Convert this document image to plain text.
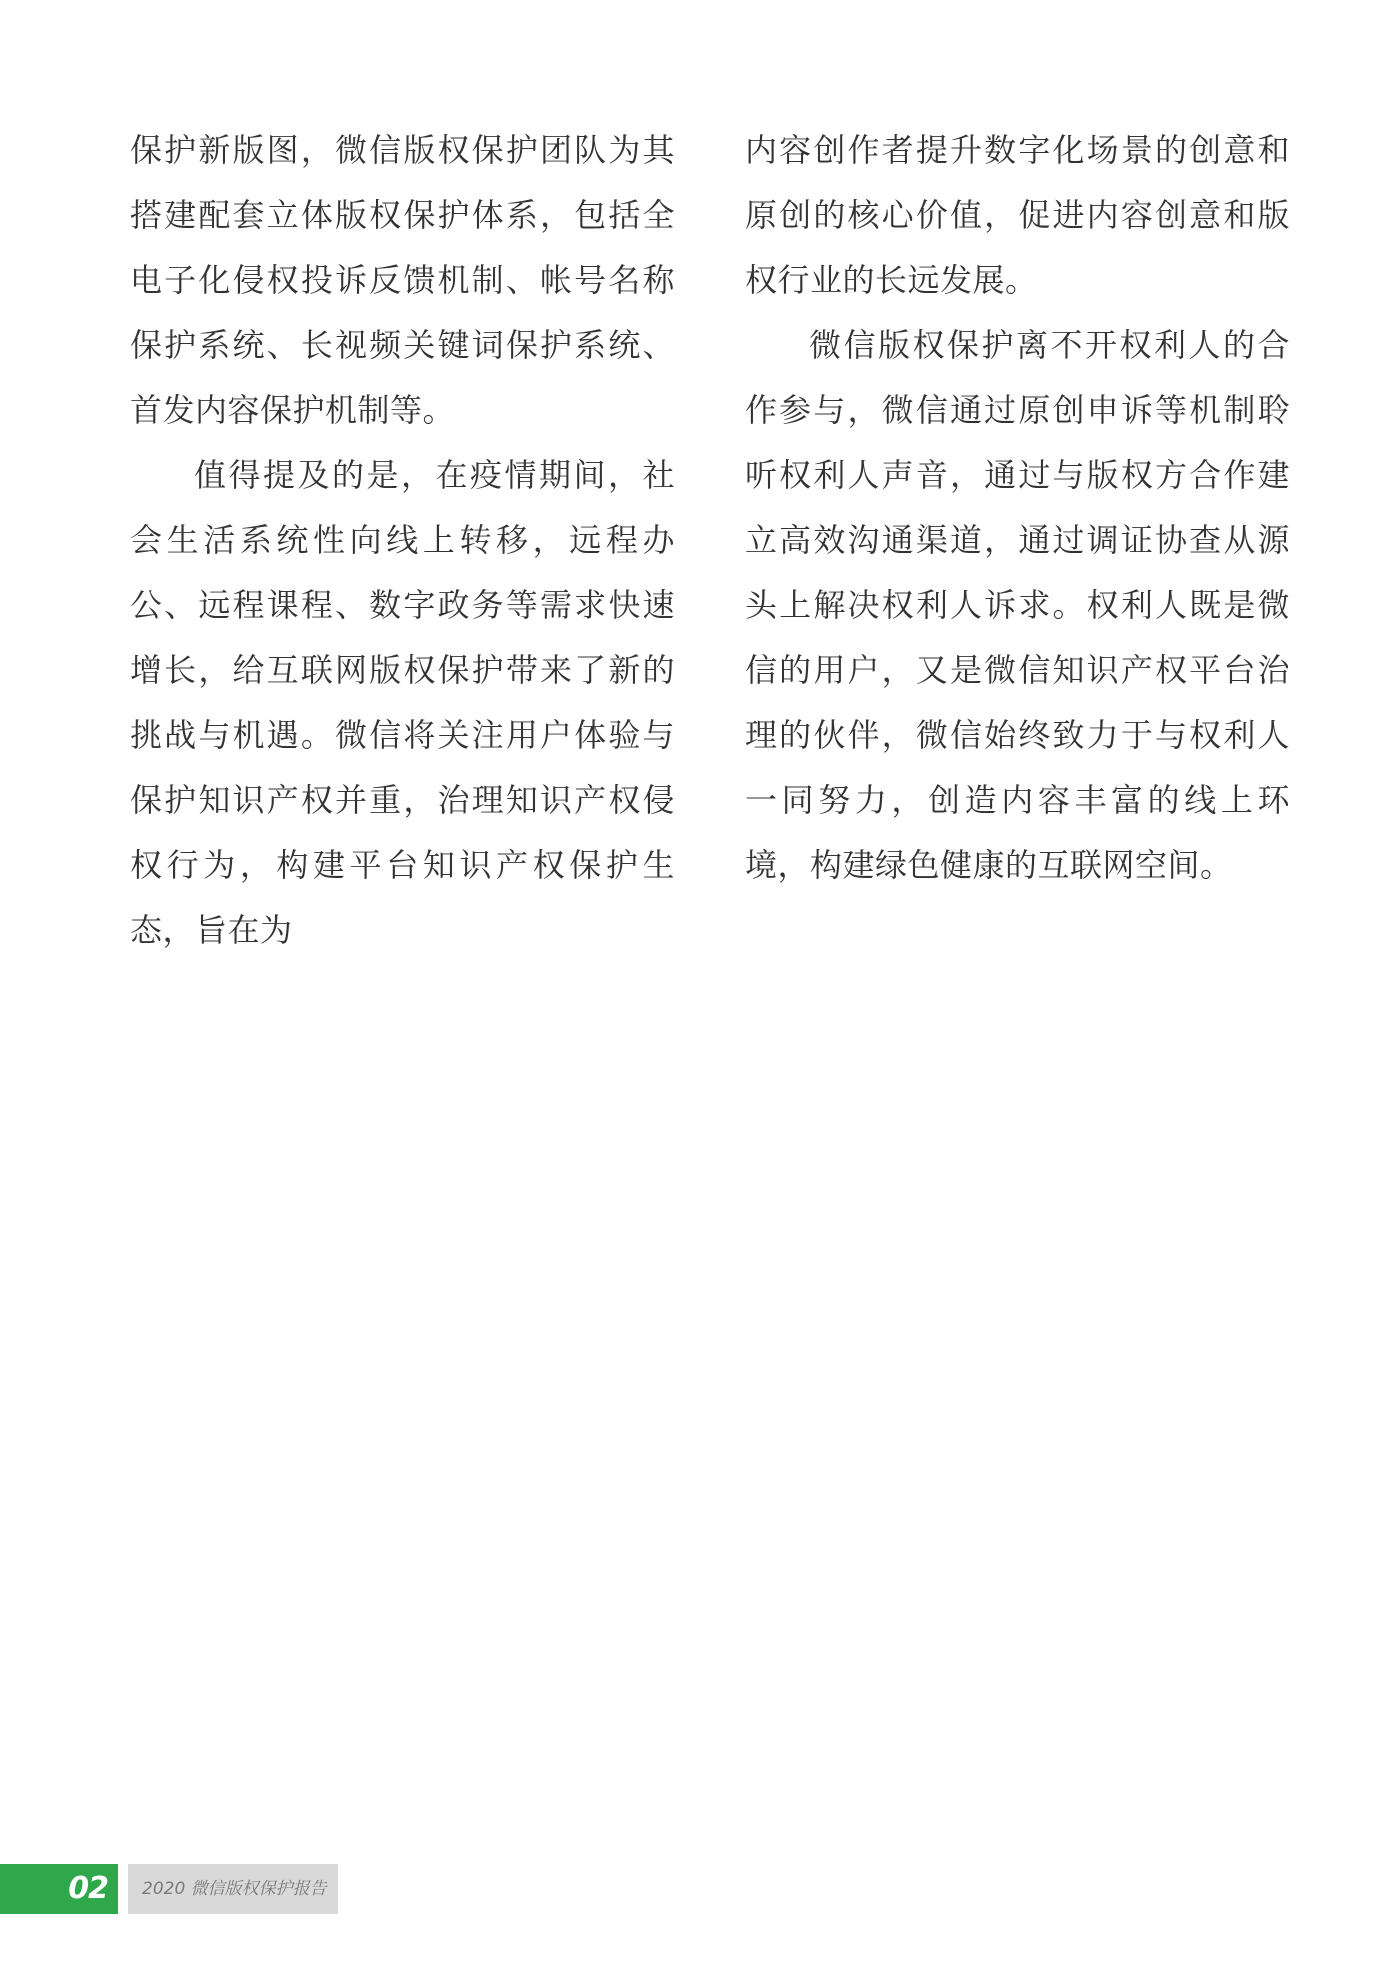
保护新版图，微信版权保护团队为其搭建配套立体版权保护体系，包括全电子化侵权投诉反馈机制、帐号名称保护系统、长视频关键词保护系统、首发内容保护机制等。

值得提及的是，在疫情期间，社会生活系统性向线上转移，远程办公、远程课程、数字政务等需求快速增长，给互联网版权保护带来了新的挑战与机遇。微信将关注用户体验与保护知识产权并重，治理知识产权侵权行为，构建平台知识产权保护生态，旨在为

内容创作者提升数字化场景的创意和原创的核心价值，促进内容创意和版权行业的长远发展。

微信版权保护离不开权利人的合作参与，微信通过原创申诉等机制聆听权利人声音，通过与版权方合作建立高效沟通渠道，通过调证协查从源头上解决权利人诉求。权利人既是微信的用户，又是微信知识产权平台治理的伙伴，微信始终致力于与权利人一同努力，创造内容丰富的线上环境，构建绿色健康的互联网空间。

02	2020 微信版权保护报告
